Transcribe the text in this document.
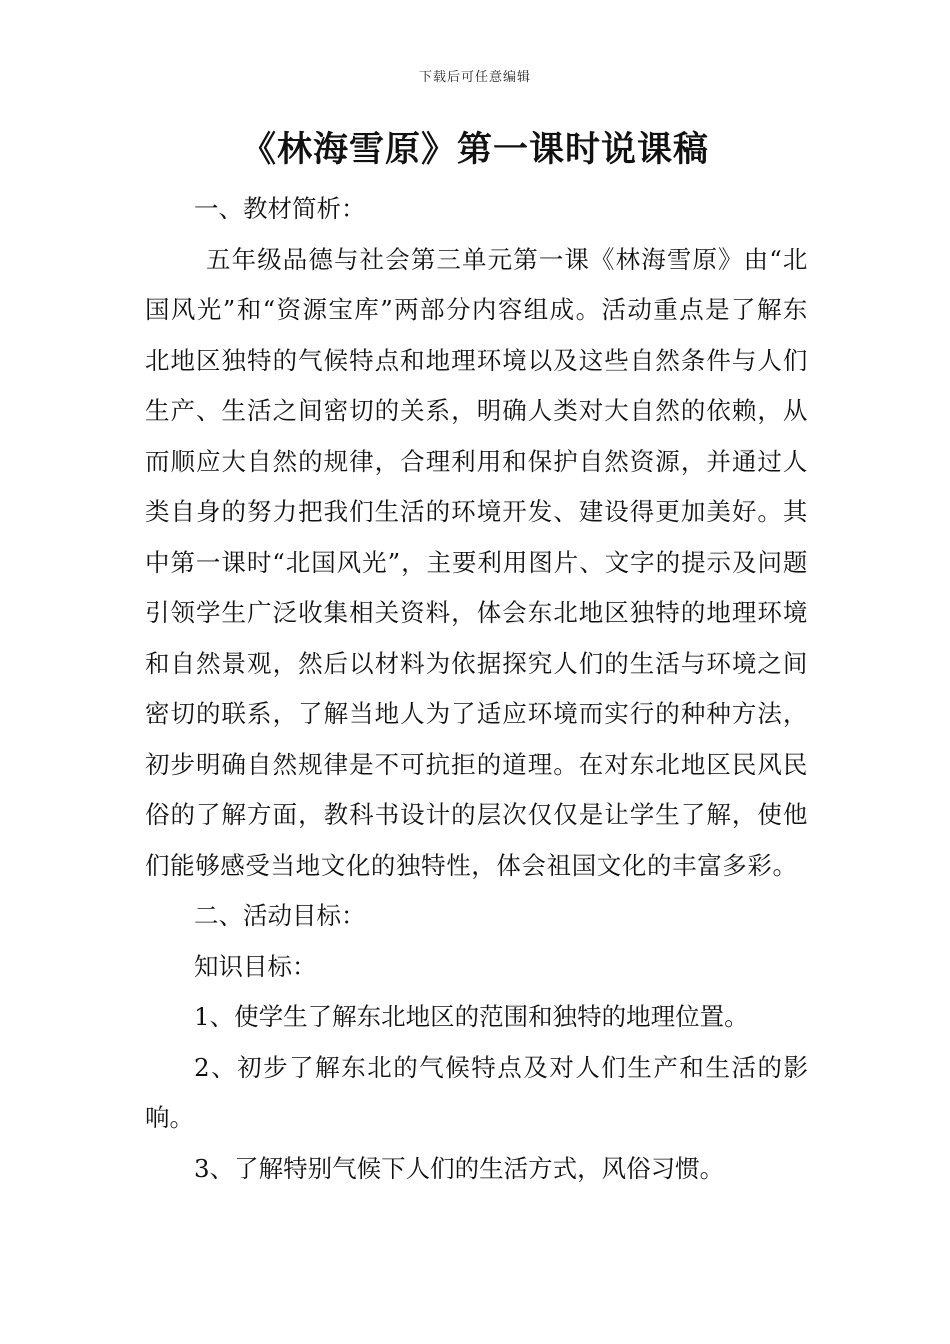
下载后可任意编辑
《林海雪原》第一课时说课稿

一、教材简析：

五年级品德与社会第三单元第一课《林海雪原》由“北国风光”和“资源宝库”两部分内容组成。活动重点是了解东北地区独特的气候特点和地理环境以及这些自然条件与人们生产、生活之间密切的关系，明确人类对大自然的依赖，从而顺应大自然的规律，合理利用和保护自然资源，并通过人类自身的努力把我们生活的环境开发、建设得更加美好。其中第一课时“北国风光”，主要利用图片、文字的提示及问题引领学生广泛收集相关资料，体会东北地区独特的地理环境和自然景观，然后以材料为依据探究人们的生活与环境之间密切的联系，了解当地人为了适应环境而实行的种种方法，初步明确自然规律是不可抗拒的道理。在对东北地区民风民俗的了解方面，教科书设计的层次仅仅是让学生了解，使他们能够感受当地文化的独特性，体会祖国文化的丰富多彩。

二、活动目标：

知识目标：

1、使学生了解东北地区的范围和独特的地理位置。

2、初步了解东北的气候特点及对人们生产和生活的影响。

3、了解特别气候下人们的生活方式，风俗习惯。
